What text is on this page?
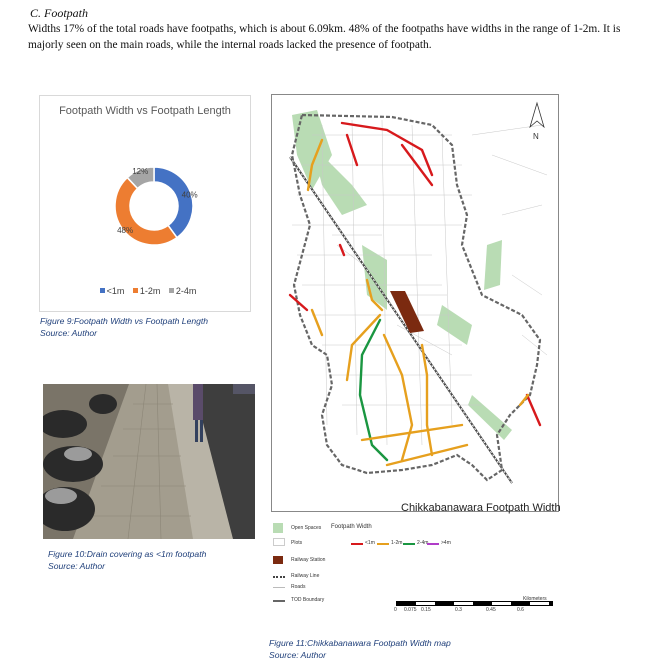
C. Footpath
Widths 17% of the total roads have footpaths, which is about 6.09km. 48% of the footpaths have widths in the range of 1-2m. It is majorly seen on the main roads, while the internal roads lacked the presence of footpath.
Footpath Width vs Footpath Length
40%
48%
12%
<1m 1-2m 2-4m
Figure 9:Footpath Width vs Footpath Length
Source: Author
Figure 10:Drain covering as <1m footpath
Source: Author
N
Chikkabanawara Footpath Width
Open Spaces
Plots
Railway Station
Railway Line
Roads
TOD Boundary
Footpath Width
<1m	1-2m	2-4m	>4m
0 0.075 0.15	0.3	0.45	0.6
Kilometers
Figure 11:Chikkabanawara Footpath Width map
Source: Author
